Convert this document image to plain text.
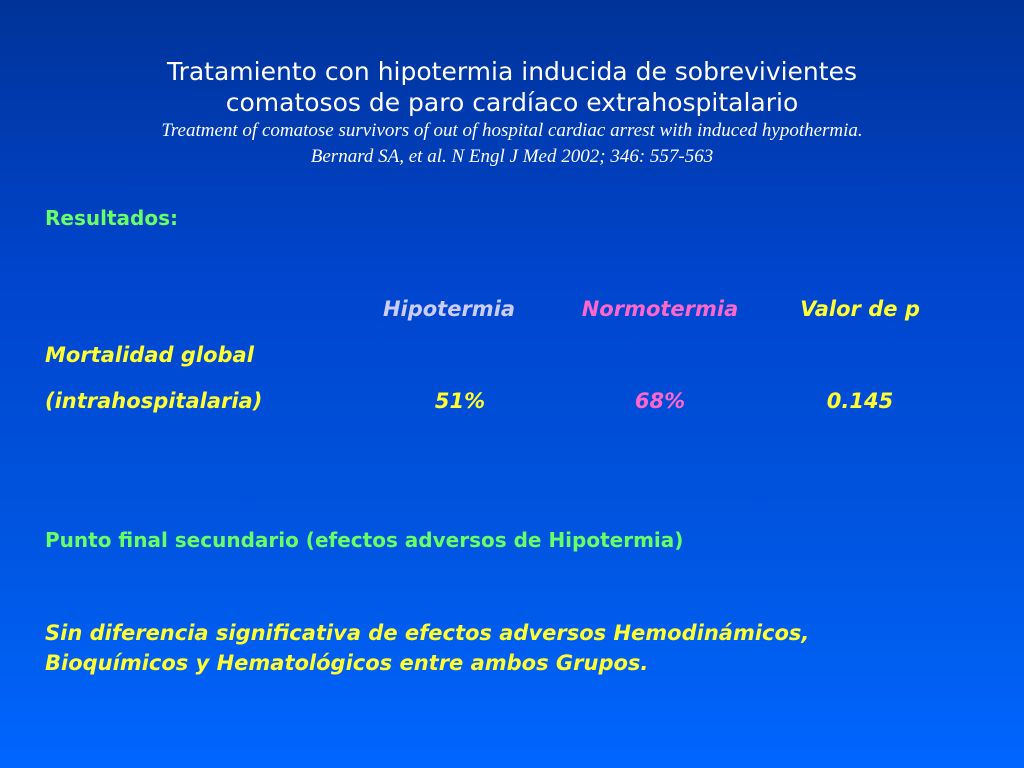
Tratamiento con hipotermia inducida de sobrevivientes
comatosos de paro cardíaco extrahospitalario
Treatment of comatose survivors of out of hospital cardiac arrest with induced hypothermia.
Bernard SA, et al. N Engl J Med 2002; 346: 557-563
Resultados:
Hipotermia	Normotermia	Valor de p
Mortalidad global
(intrahospitalaria)	51%	68%	0.145
Punto final secundario (efectos adversos de Hipotermia)
Sin diferencia significativa de efectos adversos Hemodinámicos,
Bioquímicos y Hematológicos entre ambos Grupos.
